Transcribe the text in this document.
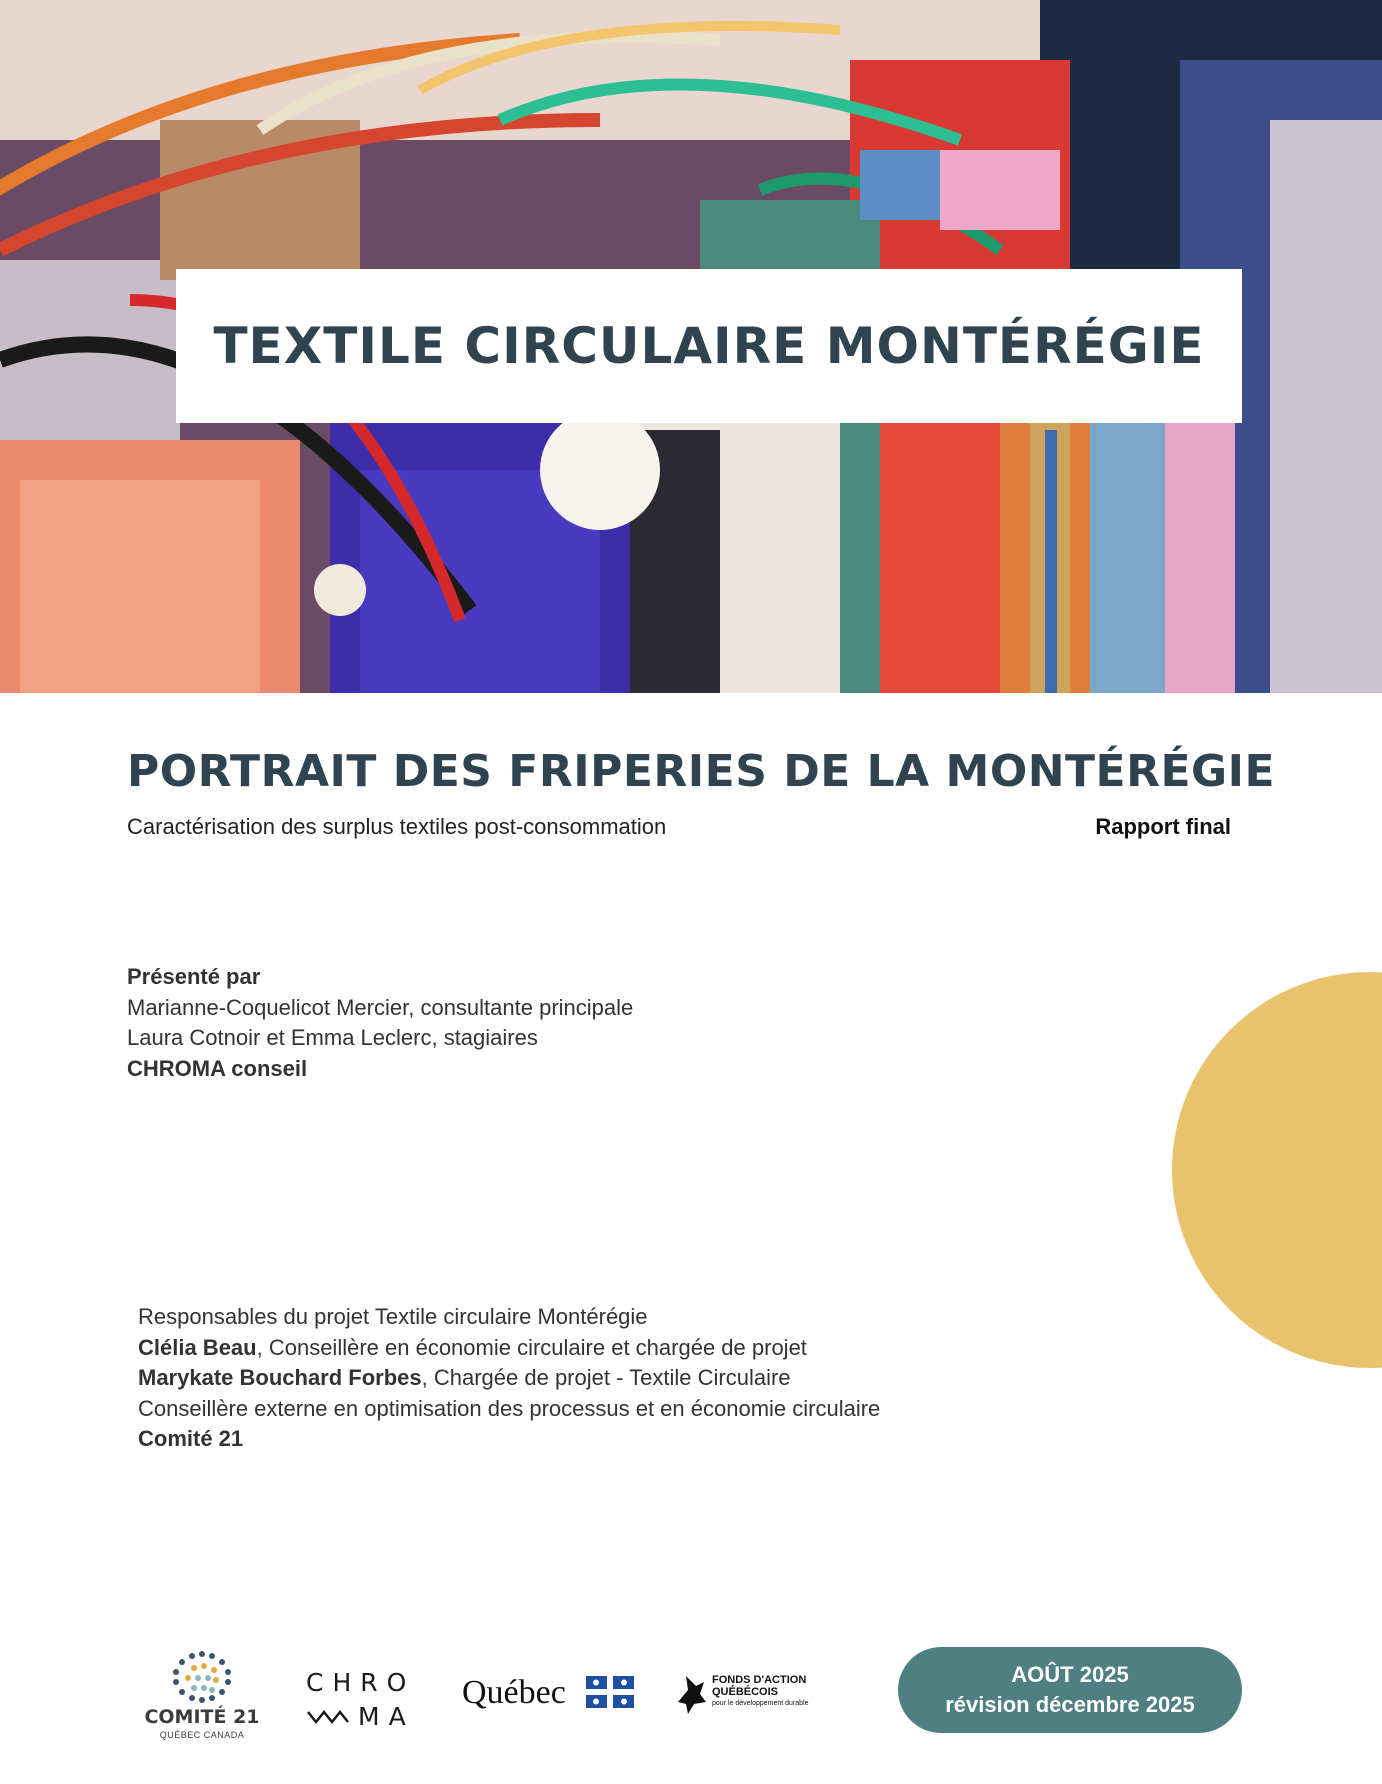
TEXTILE CIRCULAIRE MONTÉRÉGIE
PORTRAIT DES FRIPERIES DE LA MONTÉRÉGIE
Caractérisation des surplus textiles post-consommation	Rapport final
Présenté par
Marianne-Coquelicot Mercier, consultante principale
Laura Cotnoir et Emma Leclerc, stagiaires
CHROMA conseil
Responsables du projet Textile circulaire Montérégie
Clélia Beau, Conseillère en économie circulaire et chargée de projet
Marykate Bouchard Forbes, Chargée de projet - Textile Circulaire
Conseillère externe en optimisation des processus et en économie circulaire
Comité 21
COMITÉ 21
QUÉBEC CANADA
CHRO
MA
Québec	FONDS D'ACTION
QUÉBÉCOIS
pour le développement durable
AOÛT 2025
révision décembre 2025
